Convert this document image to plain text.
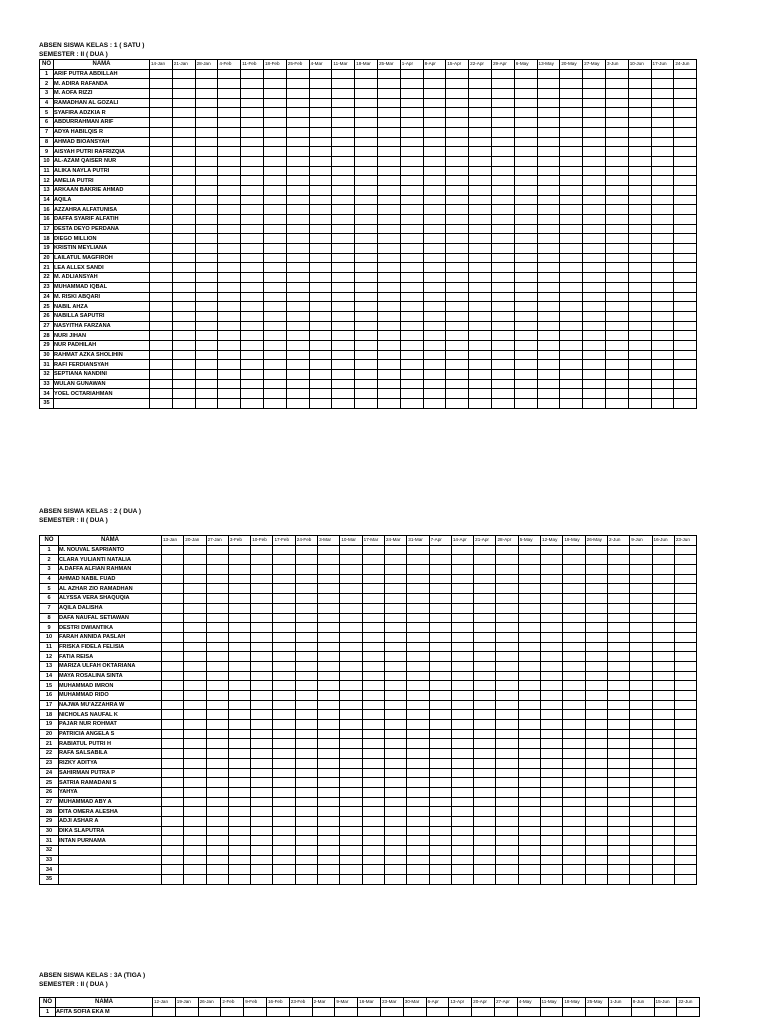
ABSEN SISWA KELAS : 1 ( SATU )
SEMESTER : II ( DUA )
NO	NAMA	14-Jan	21-Jan	28-Jan	4-Feb	11-Feb	18-Feb	25-Feb	4-Mar	11-Mar	18-Mar	25-Mar	1-Apr	8-Apr	15-Apr	22-Apr	29-Apr	6-May	13-May	20-May	27-May	3-Jun	10-Jun	17-Jun	24-Jun
1	ARIF PUTRA ABDILLAH																								
2	M. ADIRA RAFANDA																								
3	M. AOFA RIZZI																								
4	RAMADHAN AL GOZALI																								
5	SYAFIRA ADZKIA R																								
6	ABDURRAHMAN ARIF																								
7	ADYA HABILQIS R																								
8	AHMAD BIOANSYAH																								
9	AISYAH PUTRI RAFRIZQIA																								
10	AL-AZAM QAISER NUR																								
11	ALIKA NAYLA PUTRI																								
12	AMELIA PUTRI																								
13	ARKAAN BAKRIE AHMAD																								
14	AQILA																								
16	AZZAHRA ALFATUNISA																								
16	DAFFA SYARIF ALFATIH																								
17	DESTA DEYO PERDANA																								
18	DIEGO MILLION																								
19	KRISTIN MEYLIANA																								
20	LAILATUL MAGFIROH																								
21	LEA ALLEX SANDI																								
22	M. ADLIANSYAH																								
23	MUHAMMAD IQBAL																								
24	M. RISKI ABQARI																								
25	NABIL AHZA																								
26	NABILLA SAPUTRI																								
27	NASYITHA FARZANA																								
28	NURI JIHAN																								
29	NUR PADHILAH																								
30	RAHMAT AZKA SHOLIHIN																								
31	RAFI FERDIANSYAH																								
32	SEPTIANA NANDINI																								
33	WULAN GUNAWAN																								
34	YOEL OCTARIAHMAN																								
35																									
ABSEN SISWA KELAS : 2 ( DUA )
SEMESTER : II ( DUA )
NO	NAMA	13-Jan	20-Jan	27-Jan	3-Feb	10-Feb	17-Feb	24-Feb	3-Mar	10-Mar	17-Mar	24-Mar	31-Mar	7-Apr	14-Apr	21-Apr	28-Apr	5-May	12-May	19-May	26-May	2-Jun	9-Jun	16-Jun	23-Jun
1	M. NOUVAL SAPRIANTO																								
2	CLARA YULIANTI NATALIA																								
3	A.DAFFA ALFIAN RAHMAN																								
4	AHMAD NABIL FUAD																								
5	AL AZHAR ZIO RAMADHAN																								
6	ALYSSA VERA SHAQUQIA																								
7	AQILA DALISHA																								
8	DAFA NAUFAL SETIAWAN																								
9	DESTRI DWIANTIKA																								
10	FARAH ANNIDA PASLAH																								
11	FRISKA FIDELA FELISIA																								
12	FATIA REISA																								
13	MARIZA ULFAH OKTARIANA																								
14	MAYA ROSALINA SINTA																								
15	MUHAMMAD IMRON																								
16	MUHAMMAD RIDO																								
17	NAJWA MU'AZZAHRA W																								
18	NICHOLAS NAUFAL K																								
19	PAJAR NUR ROHMAT																								
20	PATRICIA ANGELA S																								
21	RABIATUL PUTRI H																								
22	RAFA SALSABILA																								
23	RIZKY ADITYA																								
24	SAHIRMAN PUTRA P																								
25	SATRIA RAMADANI S																								
26	YAHYA																								
27	MUHAMMAD ABY A																								
28	DITA OMERA ALESHA																								
29	ADJI ASHAR A																								
30	DIKA SLAPUTRA																								
31	INTAN PURNAMA																								
32																									
33																									
34																									
35																									
ABSEN SISWA KELAS : 3A (TIGA )
SEMESTER : II ( DUA )
NO	NAMA	12-Jan	19-Jan	26-Jan	2-Feb	9-Feb	16-Feb	23-Feb	2-Mar	9-Mar	16-Mar	23-Mar	30-Mar	6-Apr	13-Apr	20-Apr	27-Apr	4-May	11-May	18-May	25-May	1-Jun	8-Jun	15-Jun	22-Jun
1	AFITA SOFIA EKA M																								
